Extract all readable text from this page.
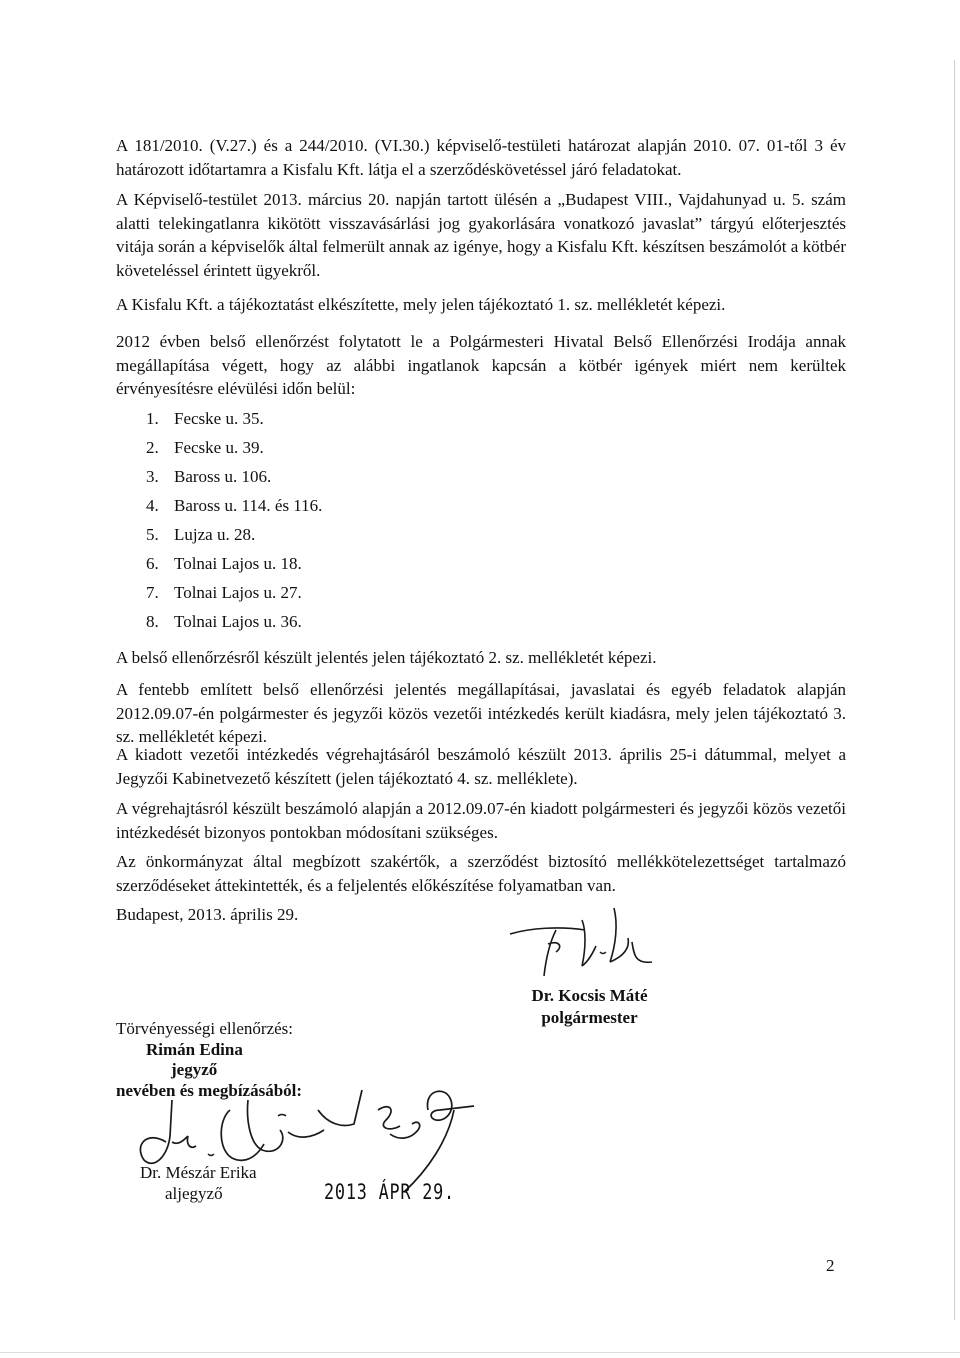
A 181/2010. (V.27.) és a 244/2010. (VI.30.) képviselő-testületi határozat alapján 2010. 07. 01-től 3 év határozott időtartamra a Kisfalu Kft. látja el a szerződéskövetéssel járó feladatokat.

A Képviselő-testület 2013. március 20. napján tartott ülésén a „Budapest VIII., Vajdahunyad u. 5. szám alatti telekingatlanra kikötött visszavásárlási jog gyakorlására vonatkozó javaslat” tárgyú előterjesztés vitája során a képviselők által felmerült annak az igénye, hogy a Kisfalu Kft. készítsen beszámolót a kötbér követeléssel érintett ügyekről.

A Kisfalu Kft. a tájékoztatást elkészítette, mely jelen tájékoztató 1. sz. mellékletét képezi.

2012 évben belső ellenőrzést folytatott le a Polgármesteri Hivatal Belső Ellenőrzési Irodája annak megállapítása végett, hogy az alábbi ingatlanok kapcsán a kötbér igények miért nem kerültek érvényesítésre elévülési időn belül:

1. Fecske u. 35.
2. Fecske u. 39.
3. Baross u. 106.
4. Baross u. 114. és 116.
5. Lujza u. 28.
6. Tolnai Lajos u. 18.
7. Tolnai Lajos u. 27.
8. Tolnai Lajos u. 36.

A belső ellenőrzésről készült jelentés jelen tájékoztató 2. sz. mellékletét képezi.

A fentebb említett belső ellenőrzési jelentés megállapításai, javaslatai és egyéb feladatok alapján 2012.09.07-én polgármester és jegyzői közös vezetői intézkedés került kiadásra, mely jelen tájékoztató 3. sz. mellékletét képezi.

A kiadott vezetői intézkedés végrehajtásáról beszámoló készült 2013. április 25-i dátummal, melyet a Jegyzői Kabinetvezető készített (jelen tájékoztató 4. sz. melléklete).

A végrehajtásról készült beszámoló alapján a 2012.09.07-én kiadott polgármesteri és jegyzői közös vezetői intézkedését bizonyos pontokban módosítani szükséges.

Az önkormányzat által megbízott szakértők, a szerződést biztosító mellékkötelezettséget tartalmazó szerződéseket áttekintették, és a feljelentés előkészítése folyamatban van.

Budapest, 2013. április 29.
Dr. Kocsis Máté
polgármester
Törvényességi ellenőrzés:
Rimán Edina
jegyző
nevében és megbízásából:
Dr. Mészár Erika
aljegyző	2013 ÁPR 29.
2
